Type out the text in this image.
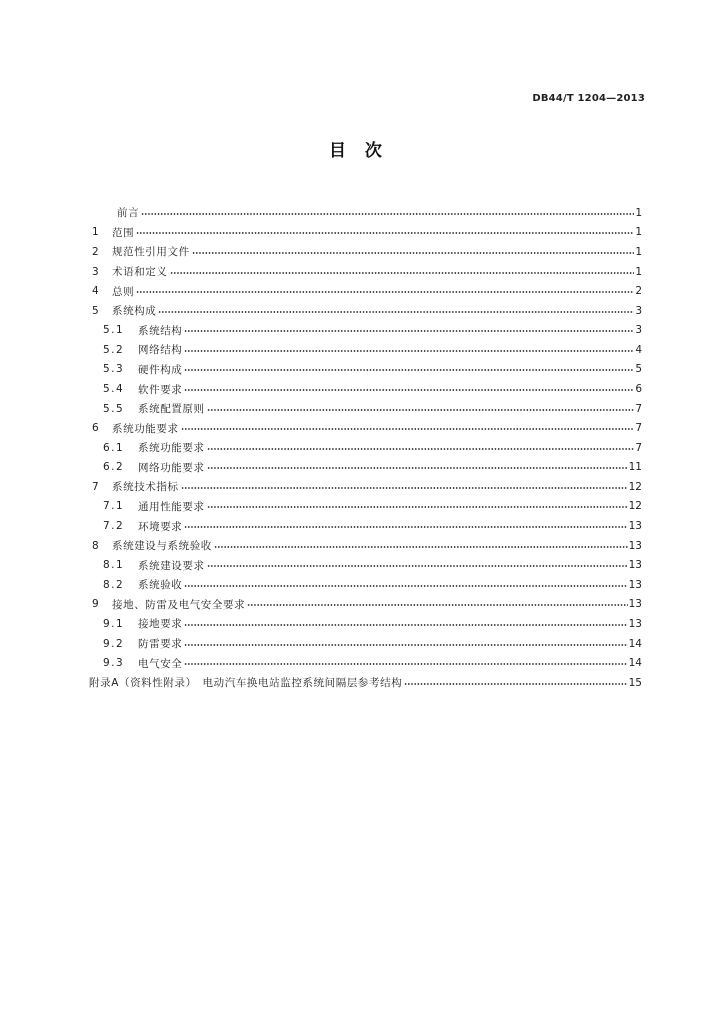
DB44/T 1204—2013
目 次
前言	1
1	范围	1
2	规范性引用文件	1
3	术语和定义	1
4	总则	2
5	系统构成	3
5.1	系统结构	3
5.2	网络结构	4
5.3	硬件构成	5
5.4	软件要求	6
5.5	系统配置原则	7
6	系统功能要求	7
6.1	系统功能要求	7
6.2	网络功能要求	11
7	系统技术指标	12
7.1	通用性能要求	12
7.2	环境要求	13
8	系统建设与系统验收	13
8.1	系统建设要求	13
8.2	系统验收	13
9	接地、防雷及电气安全要求	13
9.1	接地要求	13
9.2	防雷要求	14
9.3	电气安全	14
附录A（资料性附录）　电动汽车换电站监控系统间隔层参考结构	15
